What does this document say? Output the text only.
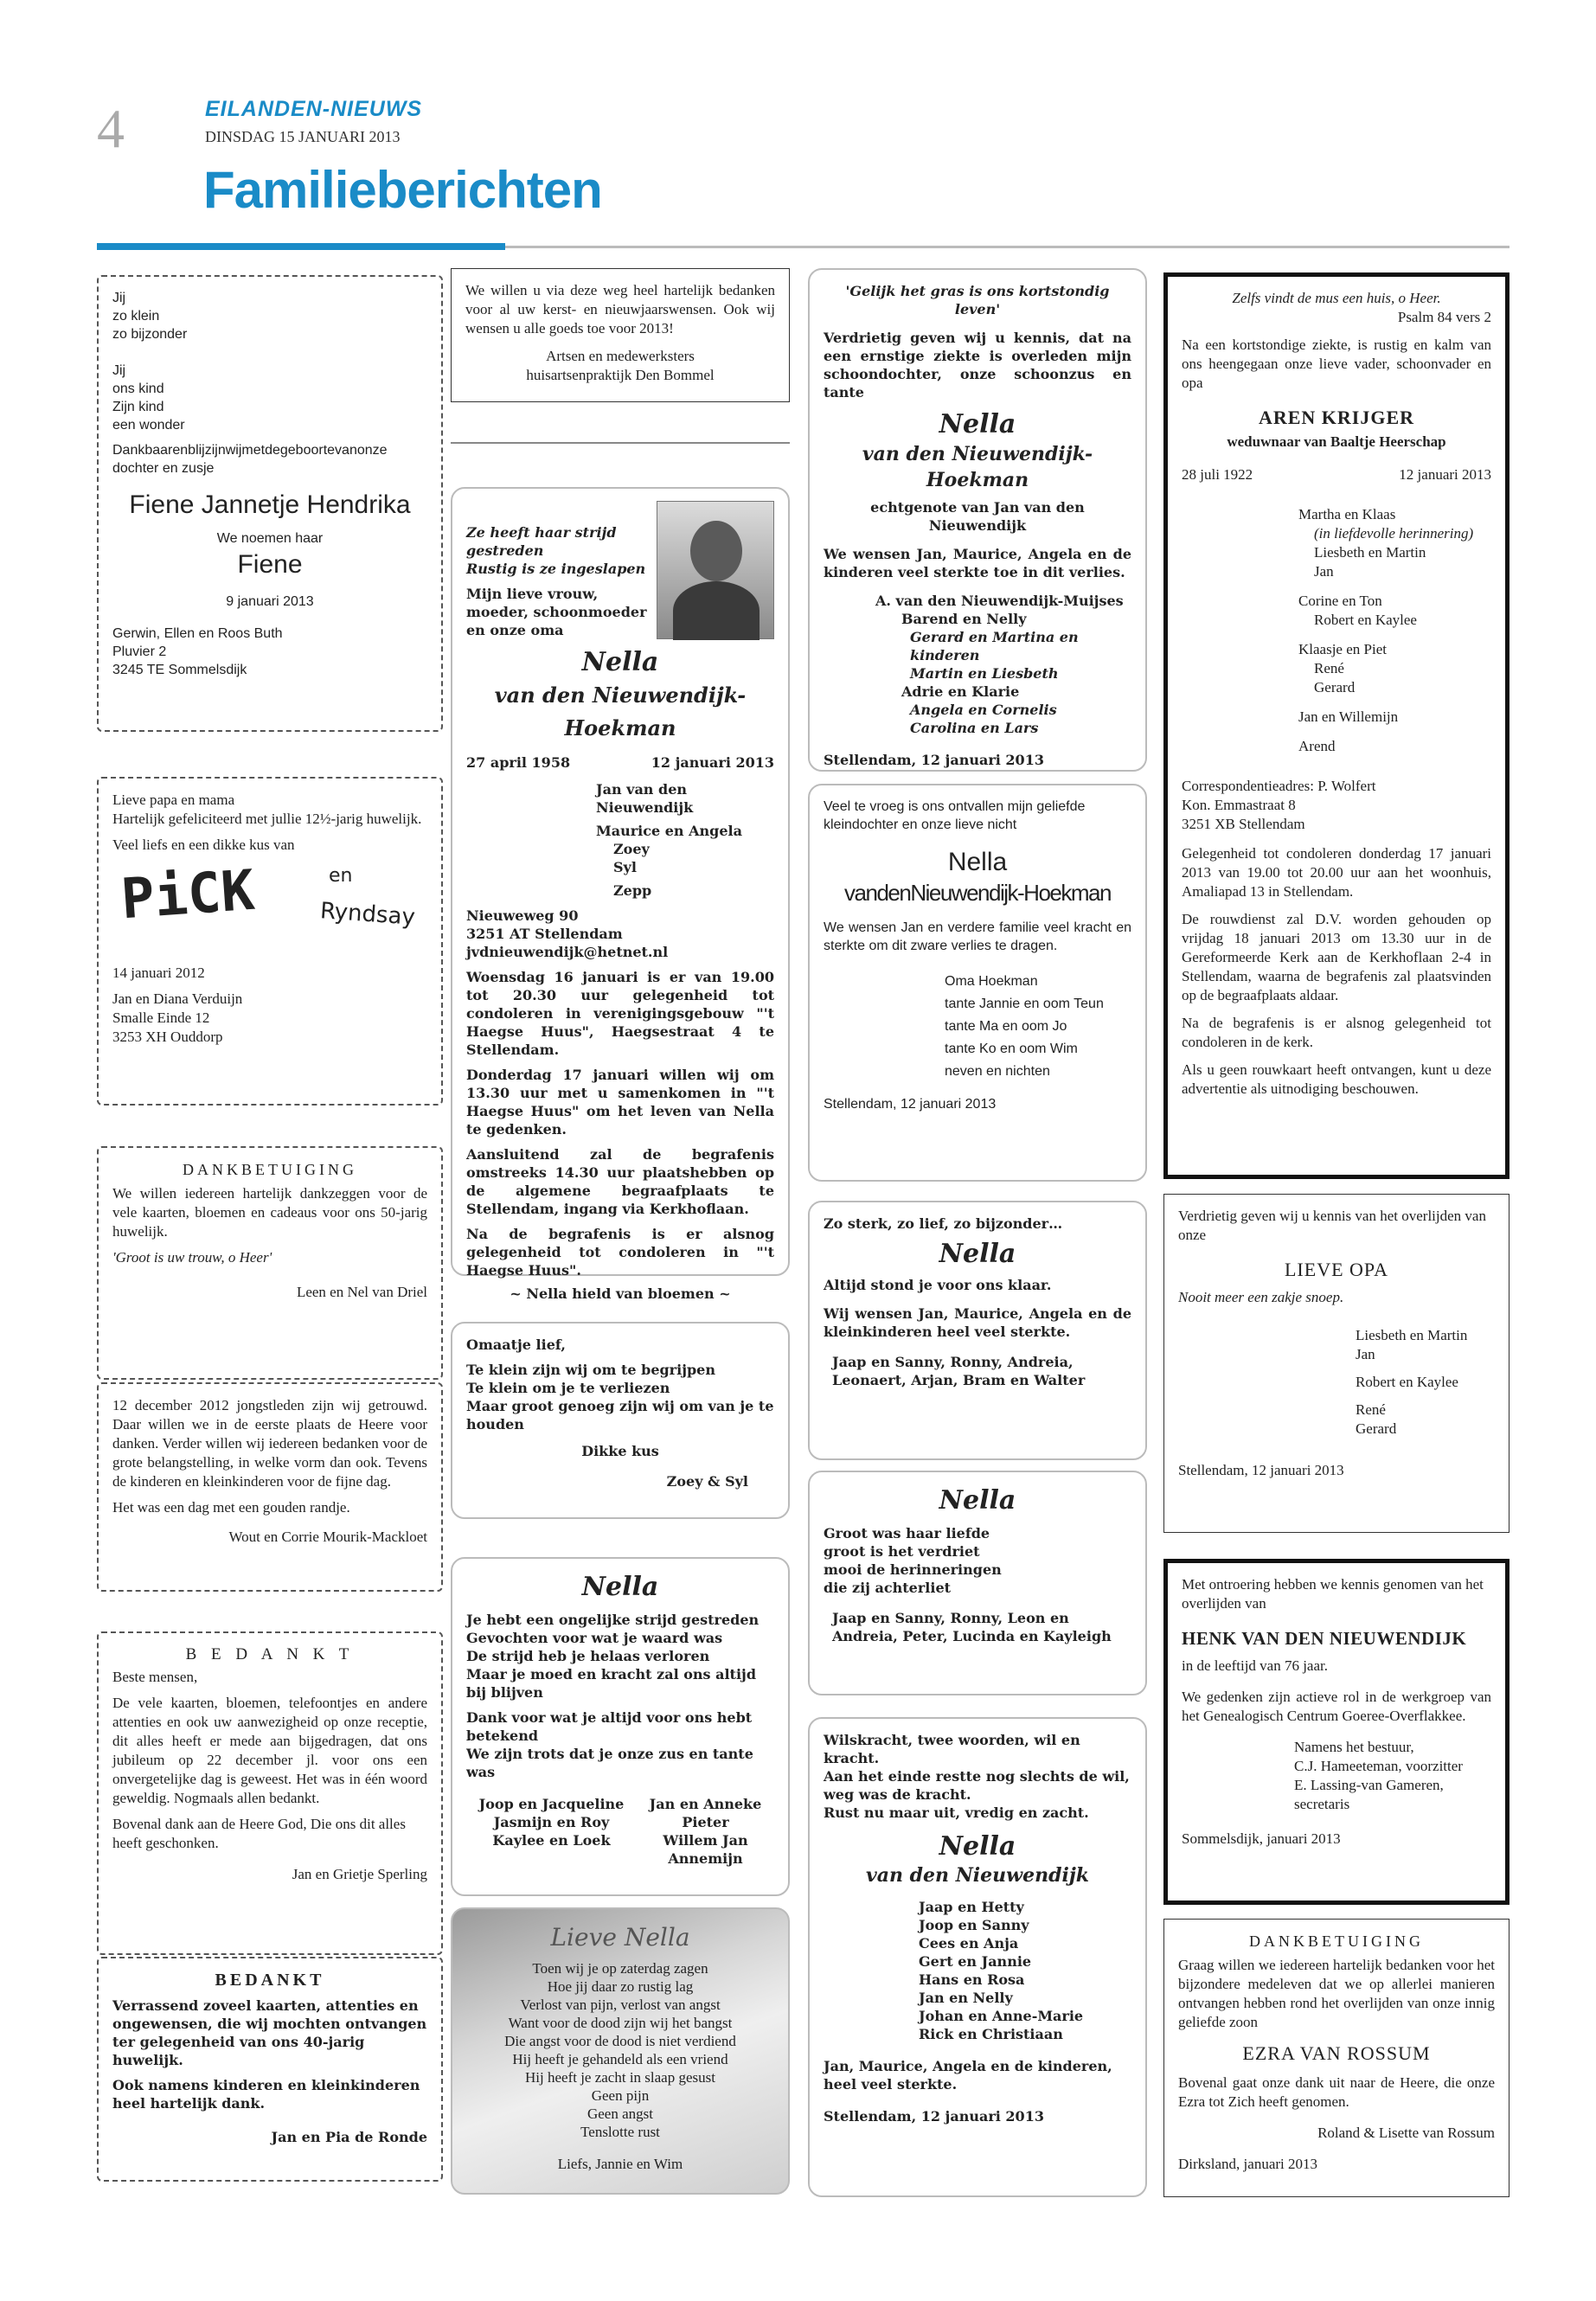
4	EILANDEN-NIEUWS
DINSDAG 15 JANUARI 2013
Familieberichten
Jij
zo klein
zo bijzonder
Jij
ons kind
Zijn kind
een wonder
Dankbaarenblijzijnwijmetdegeboortevanonze dochter en zusje
Fiene Jannetje Hendrika
We noemen haar
Fiene
9 januari 2013
Gerwin, Ellen en Roos Buth
Pluvier 2
3245 TE Sommelsdijk
Lieve papa en mama
Hartelijk gefeliciteerd met jullie 12½-jarig huwelijk.
Veel liefs en een dikke kus van
PiCK	en
Ryndsay
14 januari 2012
Jan en Diana Verduijn
Smalle Einde 12
3253 XH Ouddorp
DANKBETUIGING
We willen iedereen hartelijk dankzeggen voor de vele kaarten, bloemen en cadeaus voor ons 50-jarig huwelijk.
'Groot is uw trouw, o Heer'
Leen en Nel van Driel
12 december 2012 jongstleden zijn wij getrouwd. Daar willen we in de eerste plaats de Heere voor danken. Verder willen wij iedereen bedanken voor de grote belangstelling, in welke vorm dan ook. Tevens de kinderen en kleinkinderen voor de fijne dag.
Het was een dag met een gouden randje.
Wout en Corrie Mourik-Mackloet
B E D A N K T
Beste mensen,
De vele kaarten, bloemen, telefoontjes en andere attenties en ook uw aanwezigheid op onze receptie, dit alles heeft er mede aan bijgedragen, dat ons jubileum op 22 december jl. voor ons een onvergetelijke dag is geweest. Het was in één woord geweldig. Nogmaals allen bedankt.
Bovenal dank aan de Heere God, Die ons dit alles heeft geschonken.
Jan en Grietje Sperling
BEDANKT
Verrassend zoveel kaarten, attenties en ongewensen, die wij mochten ontvangen ter gelegenheid van ons 40-jarig huwelijk.
Ook namens kinderen en kleinkinderen heel hartelijk dank.
Jan en Pia de Ronde
We willen u via deze weg heel hartelijk bedanken voor al uw kerst- en nieuwjaarswensen. Ook wij wensen u alle goeds toe voor 2013!
Artsen en medewerksters
huisartsenpraktijk Den Bommel
Ze heeft haar strijd gestreden
Rustig is ze ingeslapen
Mijn lieve vrouw, moeder, schoonmoeder en onze oma
Nella
van den Nieuwendijk-Hoekman
27 april 1958	12 januari 2013
Jan van den Nieuwendijk
Maurice en Angela
Zoey
Syl
Zepp
Nieuweweg 90
3251 AT Stellendam
jvdnieuwendijk@hetnet.nl
Woensdag 16 januari is er van 19.00 tot 20.30 uur gelegenheid tot condoleren in verenigingsgebouw "'t Haegse Huus", Haegsestraat 4 te Stellendam.
Donderdag 17 januari willen wij om 13.30 uur met u samenkomen in "'t Haegse Huus" om het leven van Nella te gedenken.
Aansluitend zal de begrafenis omstreeks 14.30 uur plaatshebben op de algemene begraafplaats te Stellendam, ingang via Kerkhoflaan.
Na de begrafenis is er alsnog gelegenheid tot condoleren in "'t Haegse Huus".
~ Nella hield van bloemen ~
Omaatje lief,
Te klein zijn wij om te begrijpen
Te klein om je te verliezen
Maar groot genoeg zijn wij om van je te houden
Dikke kus
Zoey & Syl
Nella
Je hebt een ongelijke strijd gestreden
Gevochten voor wat je waard was
De strijd heb je helaas verloren
Maar je moed en kracht zal ons altijd bij blijven
Dank voor wat je altijd voor ons hebt betekend
We zijn trots dat je onze zus en tante was
Joop en Jacqueline
Jasmijn en Roy
Kaylee en Loek
Jan en Anneke
Pieter
Willem Jan
Annemijn
Lieve Nella
Toen wij je op zaterdag zagen
Hoe jij daar zo rustig lag
Verlost van pijn, verlost van angst
Want voor de dood zijn wij het bangst
Die angst voor de dood is niet verdiend
Hij heeft je gehandeld als een vriend
Hij heeft je zacht in slaap gesust
Geen pijn
Geen angst
Tenslotte rust
Liefs, Jannie en Wim
'Gelijk het gras is ons kortstondig leven'
Verdrietig geven wij u kennis, dat na een ernstige ziekte is overleden mijn schoondochter, onze schoonzus en tante
Nella
van den Nieuwendijk-Hoekman
echtgenote van Jan van den Nieuwendijk
We wensen Jan, Maurice, Angela en de kinderen veel sterkte toe in dit verlies.
A. van den Nieuwendijk-Muijses
Barend en Nelly
Gerard en Martina en kinderen
Martin en Liesbeth
Adrie en Klarie
Angela en Cornelis
Carolina en Lars
Stellendam, 12 januari 2013
Veel te vroeg is ons ontvallen mijn geliefde kleindochter en onze lieve nicht
Nella
vandenNieuwendijk-Hoekman
We wensen Jan en verdere familie veel kracht en sterkte om dit zware verlies te dragen.
Oma Hoekman
tante Jannie en oom Teun
tante Ma en oom Jo
tante Ko en oom Wim
neven en nichten
Stellendam, 12 januari 2013
Zo sterk, zo lief, zo bijzonder…
Nella
Altijd stond je voor ons klaar.
Wij wensen Jan, Maurice, Angela en de kleinkinderen heel veel sterkte.
Jaap en Sanny, Ronny, Andreia, Leonaert, Arjan, Bram en Walter
Nella
Groot was haar liefde
groot is het verdriet
mooi de herinneringen
die zij achterliet
Jaap en Sanny, Ronny, Leon en Andreia, Peter, Lucinda en Kayleigh
Wilskracht, twee woorden, wil en kracht.
Aan het einde restte nog slechts de wil,
weg was de kracht.
Rust nu maar uit, vredig en zacht.
Nella
van den Nieuwendijk
Jaap en Hetty
Joop en Sanny
Cees en Anja
Gert en Jannie
Hans en Rosa
Jan en Nelly
Johan en Anne-Marie
Rick en Christiaan
Jan, Maurice, Angela en de kinderen, heel veel sterkte.
Stellendam, 12 januari 2013
Zelfs vindt de mus een huis, o Heer.
Psalm 84 vers 2
Na een kortstondige ziekte, is rustig en kalm van ons heengegaan onze lieve vader, schoonvader en opa
AREN KRIJGER
weduwnaar van Baaltje Heerschap
28 juli 1922	12 januari 2013
Martha en Klaas
(in liefdevolle herinnering)
Liesbeth en Martin
Jan
Corine en Ton
Robert en Kaylee
Klaasje en Piet
René
Gerard
Jan en Willemijn
Arend
Correspondentieadres: P. Wolfert
Kon. Emmastraat 8
3251 XB Stellendam
Gelegenheid tot condoleren donderdag 17 januari 2013 van 19.00 tot 20.00 uur aan het woonhuis, Amaliapad 13 in Stellendam.
De rouwdienst zal D.V. worden gehouden op vrijdag 18 januari 2013 om 13.30 uur in de Gereformeerde Kerk aan de Kerkhoflaan 2-4 in Stellendam, waarna de begrafenis zal plaatsvinden op de begraafplaats aldaar.
Na de begrafenis is er alsnog gelegenheid tot condoleren in de kerk.
Als u geen rouwkaart heeft ontvangen, kunt u deze advertentie als uitnodiging beschouwen.
Verdrietig geven wij u kennis van het overlijden van onze
LIEVE OPA
Nooit meer een zakje snoep.
Liesbeth en Martin
Jan
Robert en Kaylee
René
Gerard
Stellendam, 12 januari 2013
Met ontroering hebben we kennis genomen van het overlijden van
HENK VAN DEN NIEUWENDIJK
in de leeftijd van 76 jaar.
We gedenken zijn actieve rol in de werkgroep van het Genealogisch Centrum Goeree-Overflakkee.
Namens het bestuur,
C.J. Hameeteman, voorzitter
E. Lassing-van Gameren, secretaris
Sommelsdijk, januari 2013
DANKBETUIGING
Graag willen we iedereen hartelijk bedanken voor het bijzondere medeleven dat we op allerlei manieren ontvangen hebben rond het overlijden van onze innig geliefde zoon
EZRA VAN ROSSUM
Bovenal gaat onze dank uit naar de Heere, die onze Ezra tot Zich heeft genomen.
Roland & Lisette van Rossum
Dirksland, januari 2013
